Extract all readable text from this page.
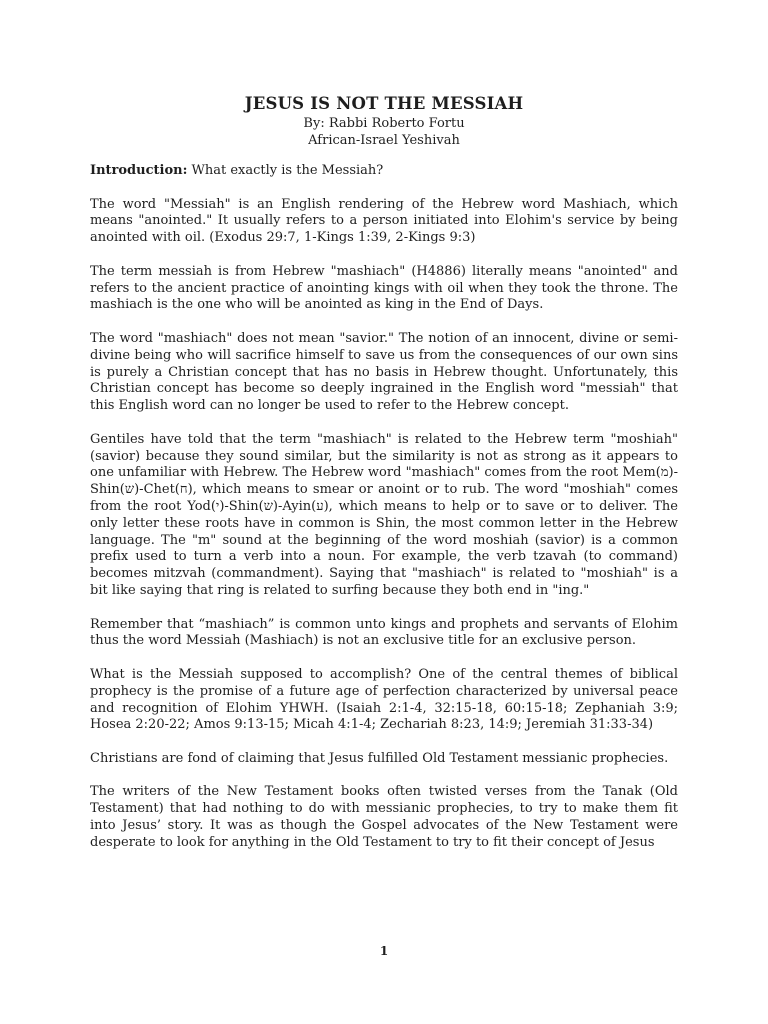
JESUS IS NOT THE MESSIAH

By: Rabbi Roberto Fortu

African-Israel Yeshivah

Introduction: What exactly is the Messiah?

The word "Messiah" is an English rendering of the Hebrew word Mashiach, which means "anointed." It usually refers to a person initiated into Elohim's service by being anointed with oil. (Exodus 29:7, 1-Kings 1:39, 2-Kings 9:3)

The term messiah is from Hebrew "mashiach" (H4886) literally means "anointed" and refers to the ancient practice of anointing kings with oil when they took the throne. The mashiach is the one who will be anointed as king in the End of Days.

The word "mashiach" does not mean "savior." The notion of an innocent, divine or semi-divine being who will sacrifice himself to save us from the consequences of our own sins is purely a Christian concept that has no basis in Hebrew thought. Unfortunately, this Christian concept has become so deeply ingrained in the English word "messiah" that this English word can no longer be used to refer to the Hebrew concept.

Gentiles have told that the term "mashiach" is related to the Hebrew term "moshiah" (savior) because they sound similar, but the similarity is not as strong as it appears to one unfamiliar with Hebrew. The Hebrew word "mashiach" comes from the root Mem(מ)-Shin(ש)-Chet(ח), which means to smear or anoint or to rub. The word "moshiah" comes from the root Yod(י)-Shin(ש)-Ayin(ע), which means to help or to save or to deliver. The only letter these roots have in common is Shin, the most common letter in the Hebrew language. The "m" sound at the beginning of the word moshiah (savior) is a common prefix used to turn a verb into a noun. For example, the verb tzavah (to command) becomes mitzvah (commandment). Saying that "mashiach" is related to "moshiah" is a bit like saying that ring is related to surfing because they both end in "ing."

Remember that “mashiach” is common unto kings and prophets and servants of Elohim thus the word Messiah (Mashiach) is not an exclusive title for an exclusive person.

What is the Messiah supposed to accomplish? One of the central themes of biblical prophecy is the promise of a future age of perfection characterized by universal peace and recognition of Elohim YHWH. (Isaiah 2:1-4, 32:15-18, 60:15-18; Zephaniah 3:9; Hosea 2:20-22; Amos 9:13-15; Micah 4:1-4; Zechariah 8:23, 14:9; Jeremiah 31:33-34)

Christians are fond of claiming that Jesus fulfilled Old Testament messianic prophecies.

The writers of the New Testament books often twisted verses from the Tanak (Old Testament) that had nothing to do with messianic prophecies, to try to make them fit into Jesus’ story. It was as though the Gospel advocates of the New Testament were desperate to look for anything in the Old Testament to try to fit their concept of Jesus

1
